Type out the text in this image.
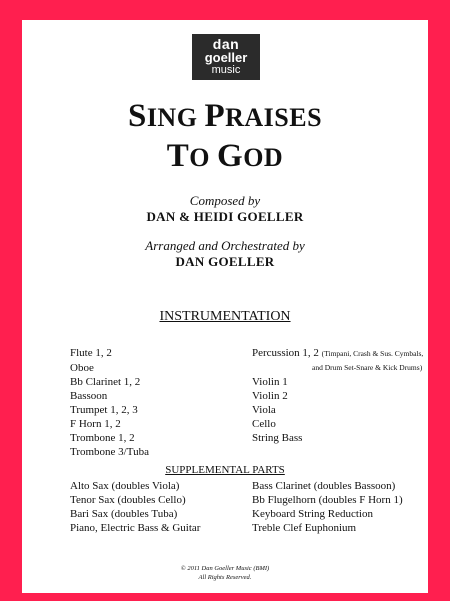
dan
goeller
music
SING PRAISES
TO GOD
Composed by
DAN & HEIDI GOELLER
Arranged and Orchestrated by
DAN GOELLER
INSTRUMENTATION
Flute 1, 2
Oboe
Bb Clarinet 1, 2
Bassoon
Trumpet 1, 2, 3
F Horn 1, 2
Trombone 1, 2
Trombone 3/Tuba
Percussion 1, 2 (Timpani, Crash & Sus. Cymbals,
and Drum Set-Snare & Kick Drums)
Violin 1
Violin 2
Viola
Cello
String Bass
SUPPLEMENTAL PARTS
Alto Sax (doubles Viola)
Tenor Sax (doubles Cello)
Bari Sax (doubles Tuba)
Piano, Electric Bass & Guitar
Bass Clarinet (doubles Bassoon)
Bb Flugelhorn (doubles F Horn 1)
Keyboard String Reduction
Treble Clef Euphonium
© 2011 Dan Goeller Music (BMI)
All Rights Reserved.
